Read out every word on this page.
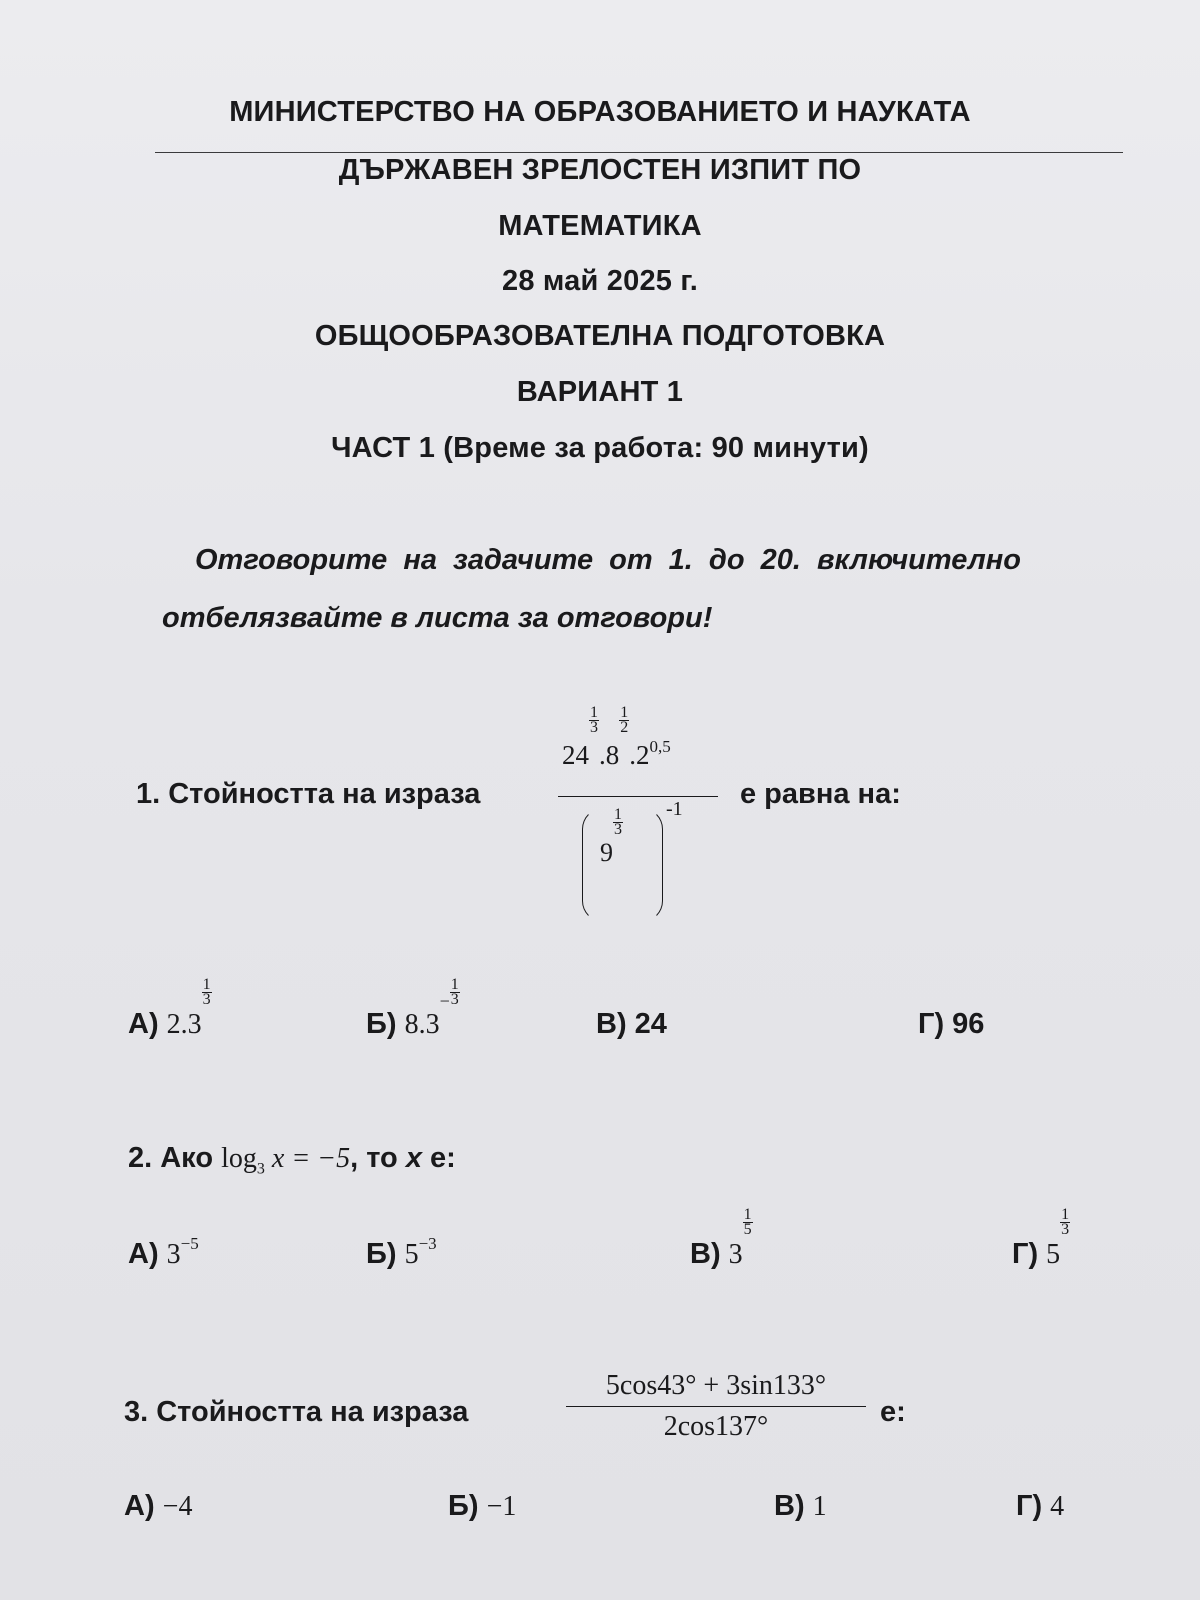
МИНИСТЕРСТВО НА ОБРАЗОВАНИЕТО И НАУКАТА
ДЪРЖАВЕН ЗРЕЛОСТЕН ИЗПИТ ПО
МАТЕМАТИКА
28 май 2025 г.
ОБЩООБРАЗОВАТЕЛНА ПОДГОТОВКА
ВАРИАНТ 1
ЧАСТ 1 (Време за работа: 90 минути)
Отговорите на задачите от 1. до 20. включително
отбелязвайте в листа за отговори!
1. Стойността на израза
24
$\frac{1}{3}$
.8
$\frac{1}{2}$
.2$^{0,5}$
9
$\frac{1}{3} -1$ е равна на:
А) 2.3
$\frac{1}{3}$
Б) $8.3^- \frac{1}{3}$
В) 24	Г) 96
2. Ако $\log_3 x = -5$, то x е:
А) $3^{-5}$	Б) $5^{-3}$	В) 3
$\frac{1}{5}$
Г) 5
$\frac{1}{3}$
3. Стойността на израза	$\frac{5\cos 43^\circ + 3\sin 133^\circ}{2\cos 137^\circ} е$:
А) −4	Б) −1	В) 1	Г) 4
